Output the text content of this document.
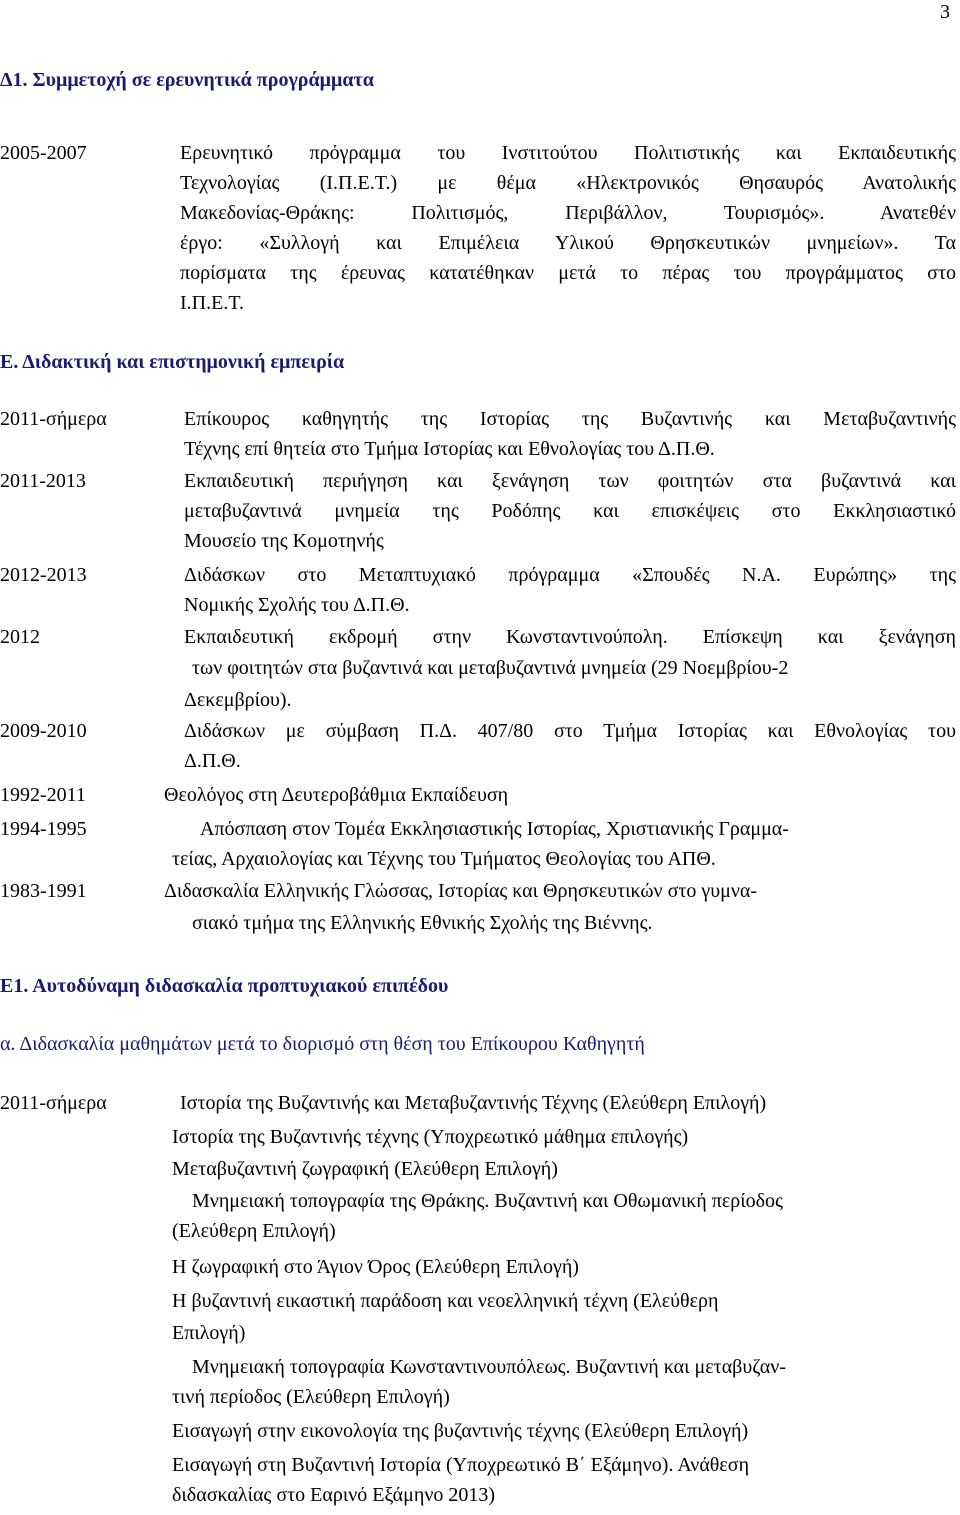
3
Δ1. Συμμετοχή σε ερευνητικά προγράμματα
2005-2007	Ερευνητικό πρόγραμμα του Ινστιτούτου Πολιτιστικής και Εκπαιδευτικής
Τεχνολογίας (Ι.Π.Ε.Τ.) με θέμα «Ηλεκτρονικός Θησαυρός Ανατολικής
Μακεδονίας-Θράκης: Πολιτισμός, Περιβάλλον, Τουρισμός». Ανατεθέν
έργο: «Συλλογή και Επιμέλεια Υλικού Θρησκευτικών μνημείων». Τα
πορίσματα της έρευνας κατατέθηκαν μετά το πέρας του προγράμματος στο
Ι.Π.Ε.Τ.
Ε. Διδακτική και επιστημονική εμπειρία
2011-σήμερα	Επίκουρος καθηγητής της Ιστορίας της Βυζαντινής και Μεταβυζαντινής
Τέχνης επί θητεία στο Τμήμα Ιστορίας και Εθνολογίας του Δ.Π.Θ.
2011-2013	Εκπαιδευτική περιήγηση και ξενάγηση των φοιτητών στα βυζαντινά και
μεταβυζαντινά μνημεία της Ροδόπης και επισκέψεις στο Εκκλησιαστικό
Μουσείο της Κομοτηνής
2012-2013	Διδάσκων στο Μεταπτυχιακό πρόγραμμα «Σπουδές Ν.Α. Ευρώπης» της
Νομικής Σχολής του Δ.Π.Θ.
2012	Εκπαιδευτική εκδρομή στην Κωνσταντινούπολη. Επίσκεψη και ξενάγηση
των φοιτητών στα βυζαντινά και μεταβυζαντινά μνημεία (29 Νοεμβρίου-2
Δεκεμβρίου).
2009-2010	Διδάσκων με σύμβαση Π.Δ. 407/80 στο Τμήμα Ιστορίας και Εθνολογίας του
Δ.Π.Θ.
1992-2011	Θεολόγος στη Δευτεροβάθμια Εκπαίδευση
1994-1995	Απόσπαση στον Τομέα Εκκλησιαστικής Ιστορίας, Χριστιανικής Γραμμα-
τείας, Αρχαιολογίας και Τέχνης του Τμήματος Θεολογίας του ΑΠΘ.
1983-1991	Διδασκαλία Ελληνικής Γλώσσας, Ιστορίας και Θρησκευτικών στο γυμνα-
σιακό τμήμα της Ελληνικής Εθνικής Σχολής της Βιέννης.
Ε1. Αυτοδύναμη διδασκαλία προπτυχιακού επιπέδου
α. Διδασκαλία μαθημάτων μετά το διορισμό στη θέση του Επίκουρου Καθηγητή
2011-σήμερα	Ιστορία της Βυζαντινής και Μεταβυζαντινής Τέχνης (Ελεύθερη Επιλογή)
Ιστορία της Βυζαντινής τέχνης (Υποχρεωτικό μάθημα επιλογής)
Μεταβυζαντινή ζωγραφική (Ελεύθερη Επιλογή)
Μνημειακή τοπογραφία της Θράκης. Βυζαντινή και Οθωμανική περίοδος
(Ελεύθερη Επιλογή)
Η ζωγραφική στο Άγιον Όρος (Ελεύθερη Επιλογή)
Η βυζαντινή εικαστική παράδοση και νεοελληνική τέχνη (Ελεύθερη
Επιλογή)
Μνημειακή τοπογραφία Κωνσταντινουπόλεως. Βυζαντινή και μεταβυζαν-
τινή περίοδος (Ελεύθερη Επιλογή)
Εισαγωγή στην εικονολογία της βυζαντινής τέχνης (Ελεύθερη Επιλογή)
Εισαγωγή στη Βυζαντινή Ιστορία (Υποχρεωτικό Β΄ Εξάμηνο). Ανάθεση
διδασκαλίας στο Εαρινό Εξάμηνο 2013)
